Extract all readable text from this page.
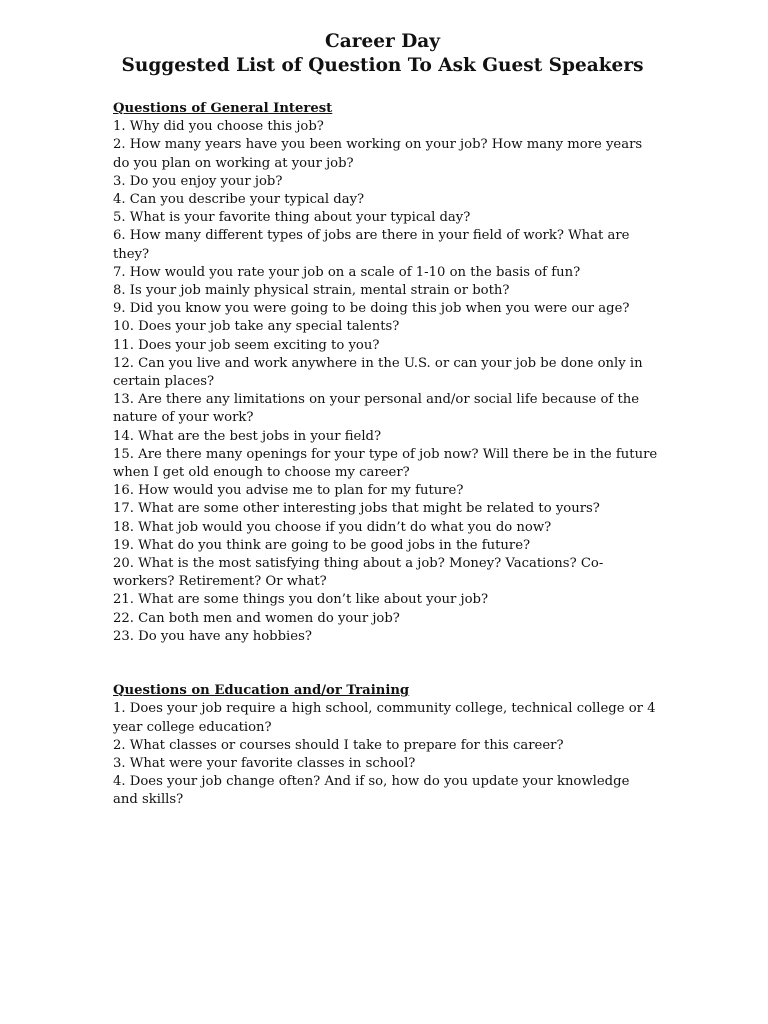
Career Day
Suggested List of Question To Ask Guest Speakers
Questions of General Interest
1. Why did you choose this job?
2. How many years have you been working on your job? How many more years do you plan on working at your job?
3. Do you enjoy your job?
4. Can you describe your typical day?
5. What is your favorite thing about your typical day?
6. How many different types of jobs are there in your field of work? What are they?
7. How would you rate your job on a scale of 1-10 on the basis of fun?
8. Is your job mainly physical strain, mental strain or both?
9. Did you know you were going to be doing this job when you were our age?
10. Does your job take any special talents?
11. Does your job seem exciting to you?
12. Can you live and work anywhere in the U.S. or can your job be done only in certain places?
13. Are there any limitations on your personal and/or social life because of the nature of your work?
14. What are the best jobs in your field?
15. Are there many openings for your type of job now? Will there be in the future when I get old enough to choose my career?
16. How would you advise me to plan for my future?
17. What are some other interesting jobs that might be related to yours?
18. What job would you choose if you didn’t do what you do now?
19. What do you think are going to be good jobs in the future?
20. What is the most satisfying thing about a job? Money? Vacations? Co-workers? Retirement? Or what?
21. What are some things you don’t like about your job?
22. Can both men and women do your job?
23. Do you have any hobbies?
Questions on Education and/or Training
1. Does your job require a high school, community college, technical college or 4 year college education?
2. What classes or courses should I take to prepare for this career?
3. What were your favorite classes in school?
4. Does your job change often? And if so, how do you update your knowledge and skills?
